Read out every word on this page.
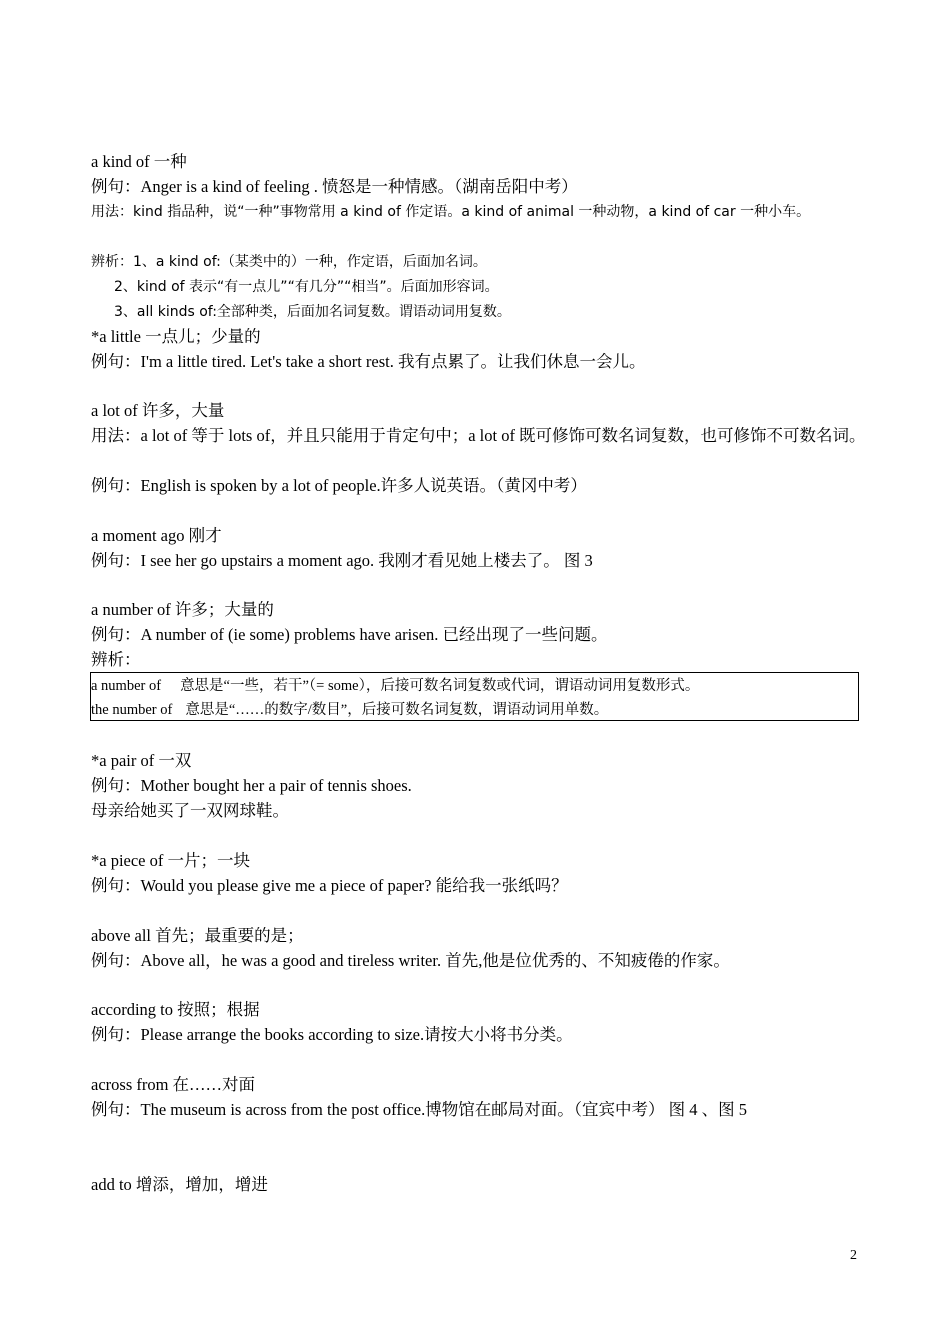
a kind of 一种
例句：Anger is a kind of feeling . 愤怒是一种情感。（湖南岳阳中考）
用法：kind 指品种，说“一种”事物常用 a kind of 作定语。a kind of animal 一种动物，a kind of car 一种小车。
辨析：1、a kind of:（某类中的）一种，作定语，后面加名词。
2、kind of 表示“有一点儿”“有几分”“相当”。后面加形容词。
3、all kinds of:全部种类，后面加名词复数。谓语动词用复数。
*a little 一点儿；少量的
例句：I'm a little tired. Let's take a short rest. 我有点累了。让我们休息一会儿。
a lot of 许多，大量
用法：a lot of 等于 lots of，并且只能用于肯定句中；a lot of 既可修饰可数名词复数，也可修饰不可数名词。
例句：English is spoken by a lot of people.许多人说英语。（黄冈中考）
a moment ago 刚才
例句：I see her go upstairs a moment ago. 我刚才看见她上楼去了。 图 3
a number of 许多；大量的
例句：A number of (ie some) problems have arisen. 已经出现了一些问题。
辨析：
a number of 意思是“一些，若干”（= some），后接可数名词复数或代词，谓语动词用复数形式。
the number of 意思是“……的数字/数目”，后接可数名词复数，谓语动词用单数。
*a pair of 一双
例句：Mother bought her a pair of tennis shoes.
母亲给她买了一双网球鞋。
*a piece of 一片；一块
例句：Would you please give me a piece of paper? 能给我一张纸吗？
above all 首先；最重要的是；
例句：Above all，he was a good and tireless writer. 首先,他是位优秀的、不知疲倦的作家。
according to 按照；根据
例句：Please arrange the books according to size.请按大小将书分类。
across from 在……对面
例句：The museum is across from the post office.博物馆在邮局对面。（宜宾中考） 图 4 、图 5
add to 增添，增加，增进
2
